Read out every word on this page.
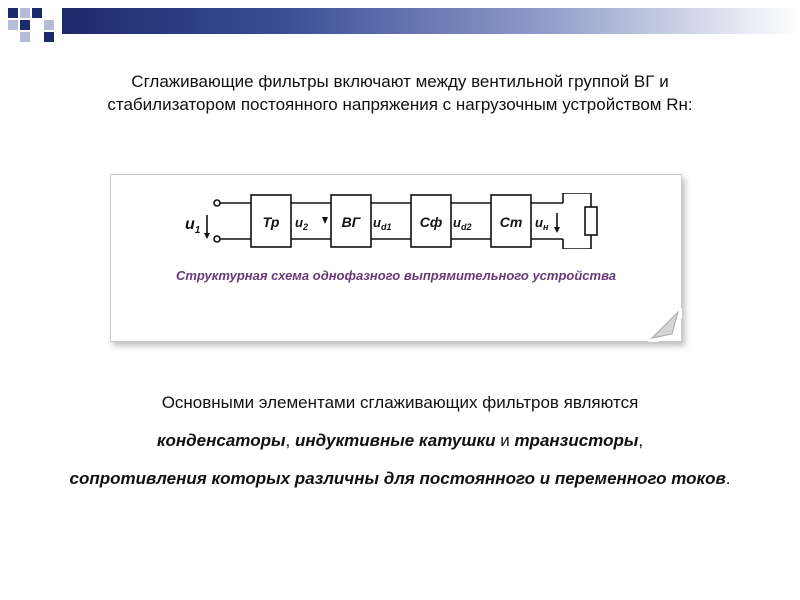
Сглаживающие фильтры включают между вентильной группой ВГ и стабилизатором постоянного напряжения с нагрузочным устройством Rн:
$u_1$
Тр $u_2$ ВГ $u_{d1}$ Сф $u_{d2}$ Ст $u_н$
Структурная схема однофазного выпрямительного устройства
Основными элементами сглаживающих фильтров являются
конденсаторы, индуктивные катушки и транзисторы,
сопротивления которых различны для постоянного и переменного токов.
